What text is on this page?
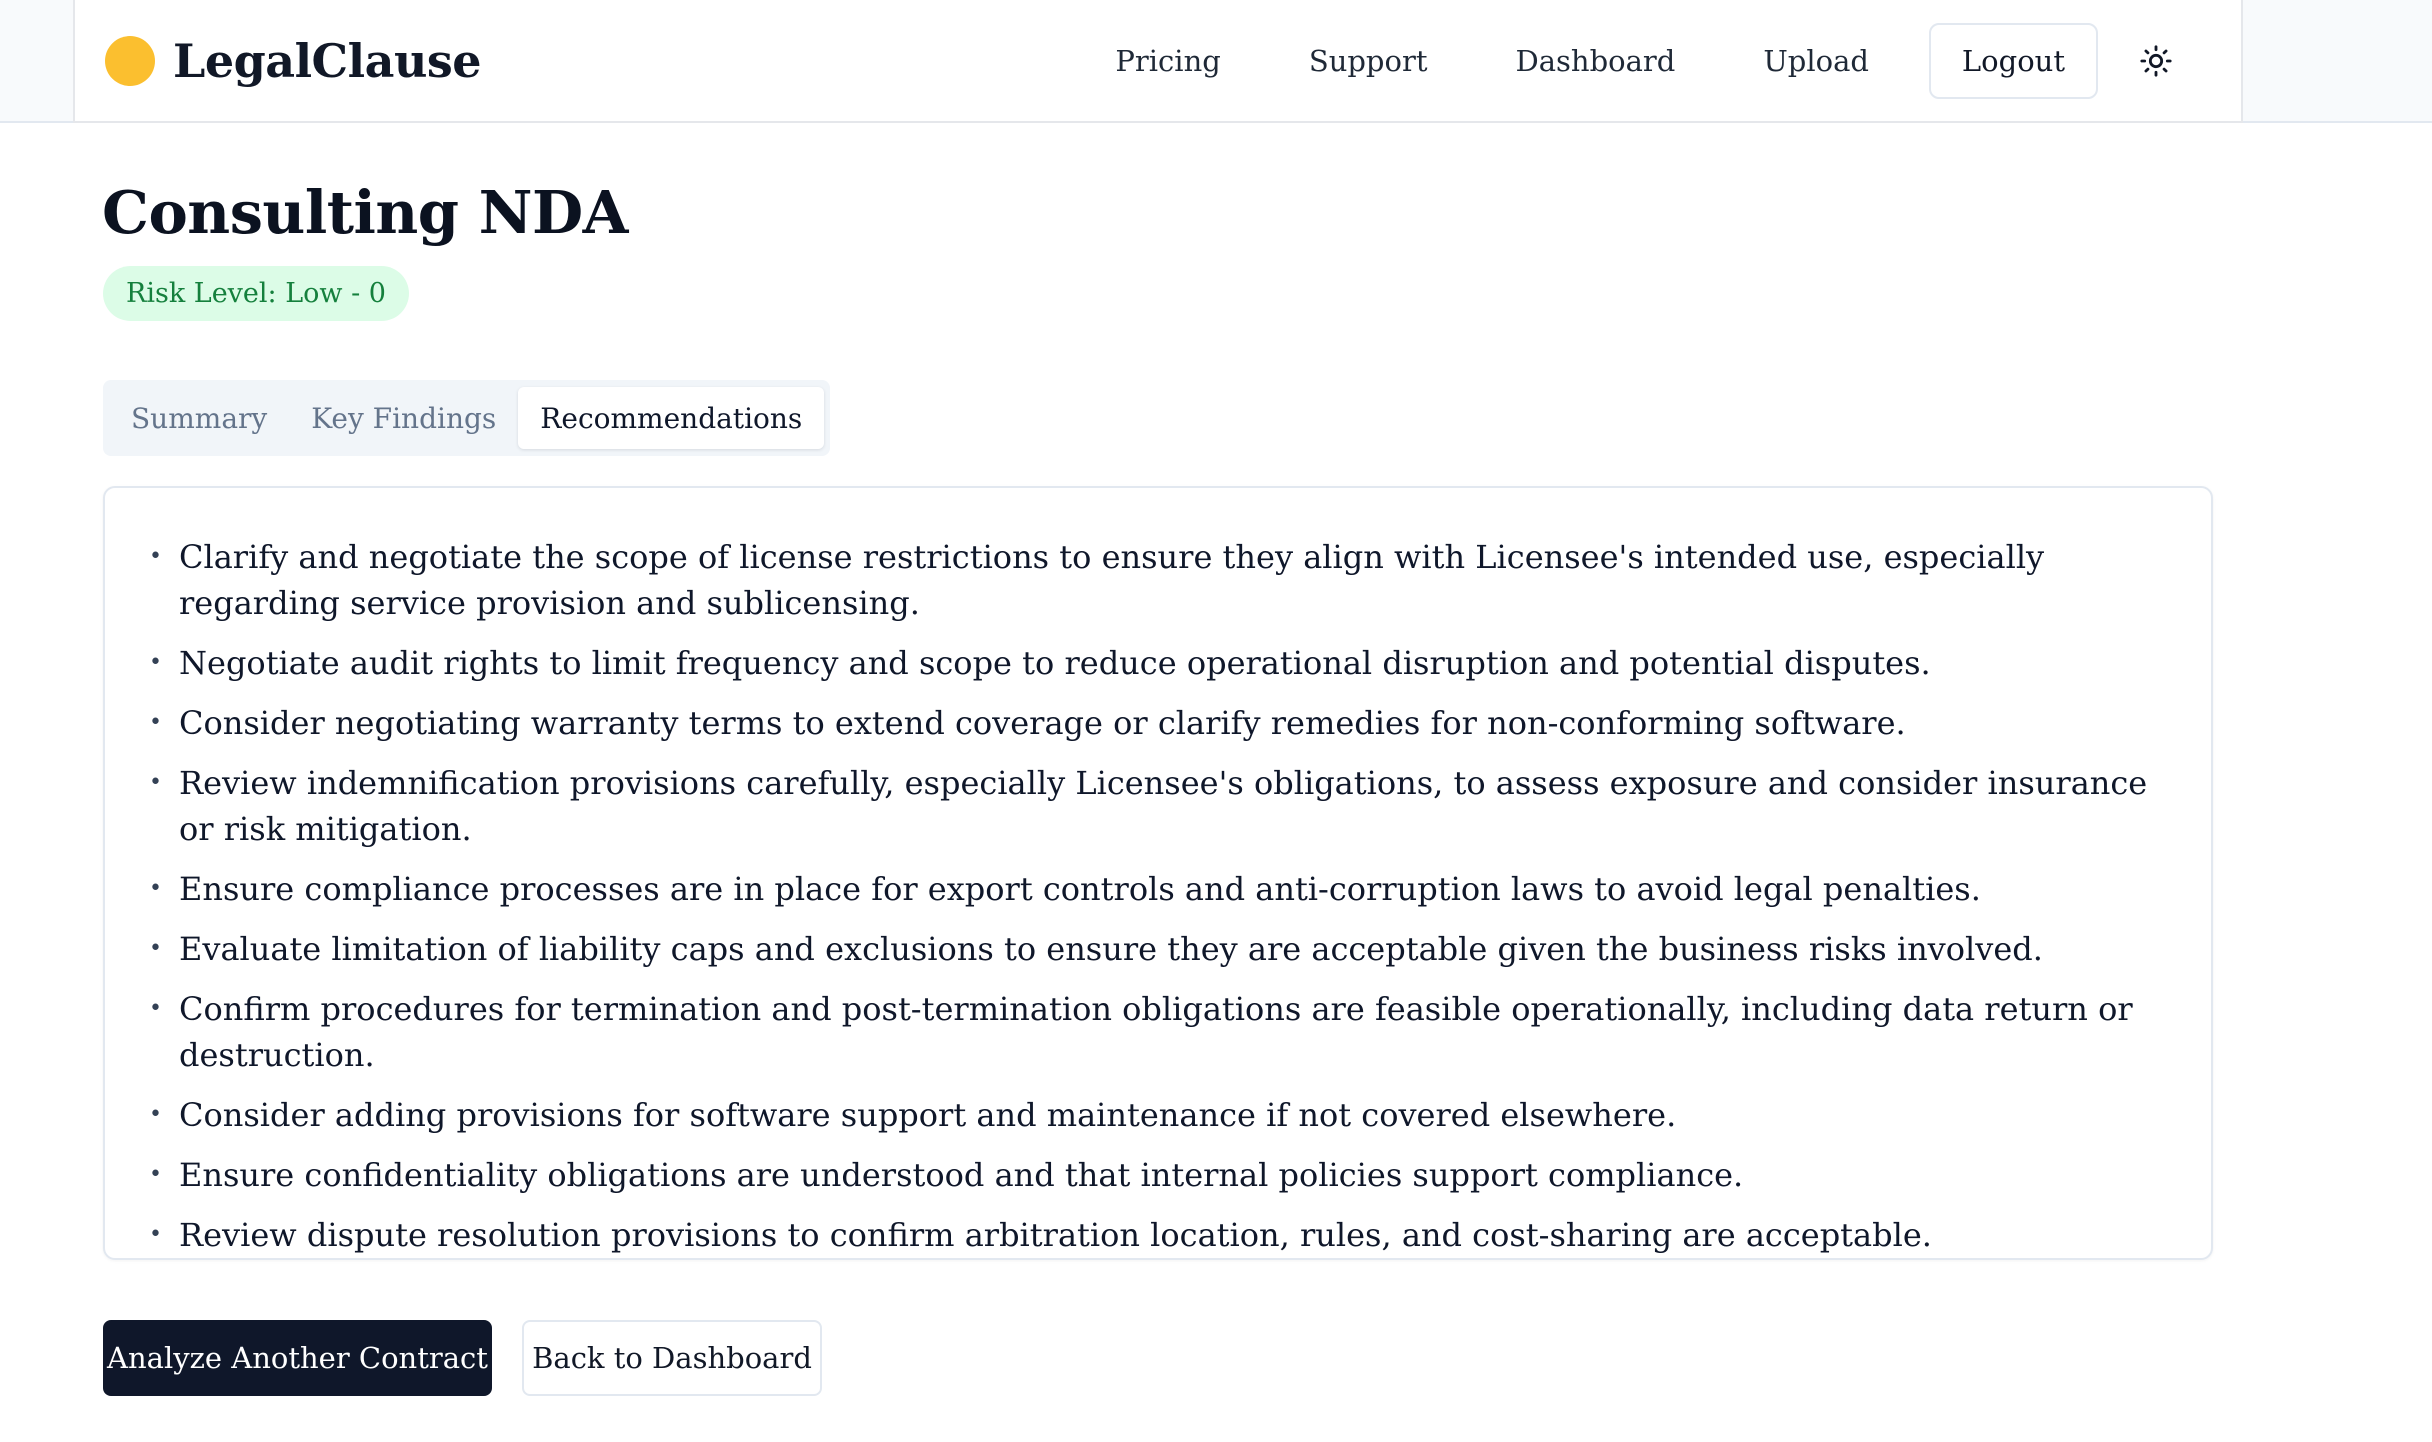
LegalClause	Pricing	Support	Dashboard	Upload	Logout
Consulting NDA
Risk Level: Low - 0
Summary	Key Findings	Recommendations
• Clarify and negotiate the scope of license restrictions to ensure they align with Licensee's intended use, especially regarding service provision and sublicensing.
• Negotiate audit rights to limit frequency and scope to reduce operational disruption and potential disputes.
• Consider negotiating warranty terms to extend coverage or clarify remedies for non-conforming software.
• Review indemnification provisions carefully, especially Licensee's obligations, to assess exposure and consider insurance or risk mitigation.
• Ensure compliance processes are in place for export controls and anti-corruption laws to avoid legal penalties.
• Evaluate limitation of liability caps and exclusions to ensure they are acceptable given the business risks involved.
• Confirm procedures for termination and post-termination obligations are feasible operationally, including data return or destruction.
• Consider adding provisions for software support and maintenance if not covered elsewhere.
• Ensure confidentiality obligations are understood and that internal policies support compliance.
• Review dispute resolution provisions to confirm arbitration location, rules, and cost-sharing are acceptable.
Analyze Another Contract	Back to Dashboard
